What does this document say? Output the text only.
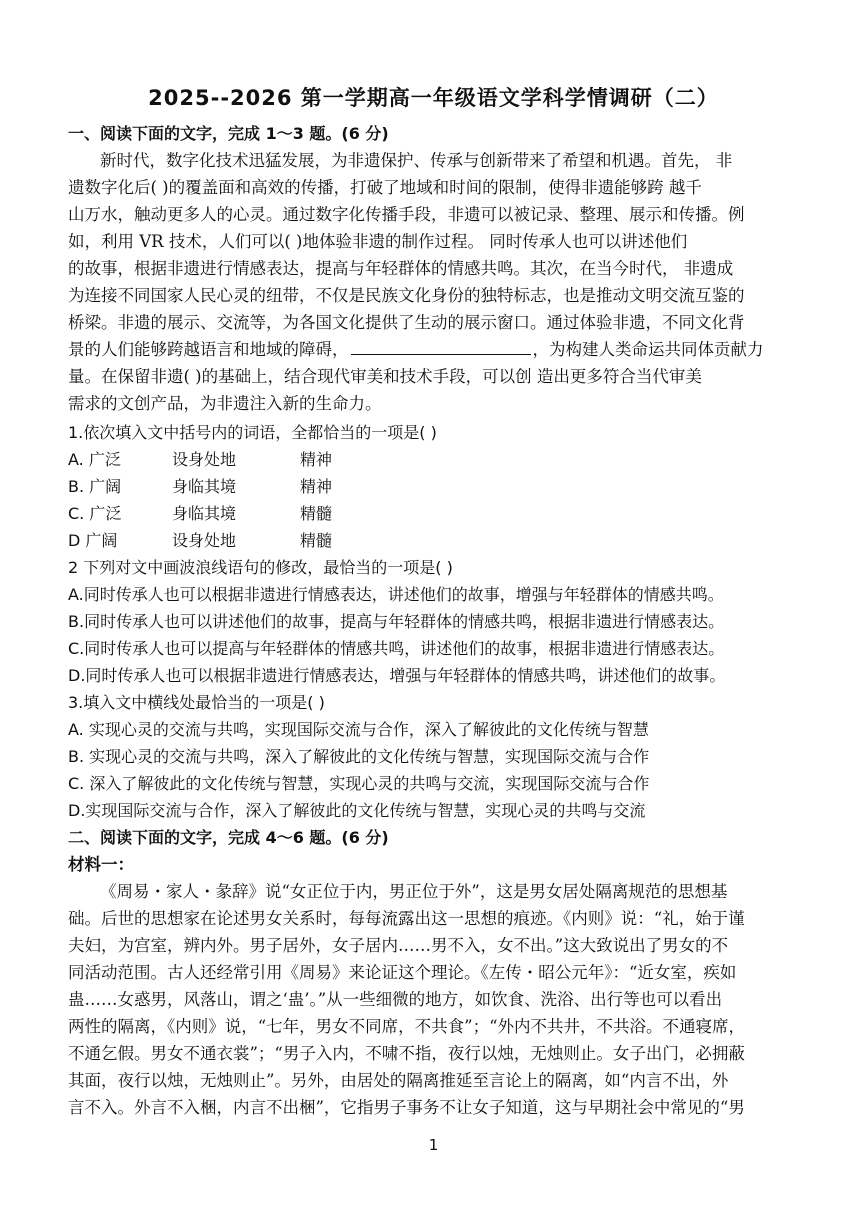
2025--2026 第一学期高一年级语文学科学情调研（二）
一、阅读下面的文字，完成 1～3 题。(6 分)
新时代，数字化技术迅猛发展，为非遗保护、传承与创新带来了希望和机遇。首先， 非
遗数字化后( )的覆盖面和高效的传播，打破了地域和时间的限制，使得非遗能够跨 越千
山万水，触动更多人的心灵。通过数字化传播手段，非遗可以被记录、整理、展示和传播。例
如，利用 VR 技术，人们可以( )地体验非遗的制作过程。 同时传承人也可以讲述他们
的故事，根据非遗进行情感表达，提高与年轻群体的情感共鸣。其次，在当今时代， 非遗成
为连接不同国家人民心灵的纽带，不仅是民族文化身份的独特标志，也是推动文明交流互鉴的
桥梁。非遗的展示、交流等，为各国文化提供了生动的展示窗口。通过体验非遗，不同文化背
景的人们能够跨越语言和地域的障碍，	，为构建人类命运共同体贡献力
量。在保留非遗( )的基础上，结合现代审美和技术手段，可以创 造出更多符合当代审美
需求的文创产品，为非遗注入新的生命力。
1.依次填入文中括号内的词语，全都恰当的一项是( )
A. 广泛	设身处地	精神
B. 广阔	身临其境	精神
C. 广泛	身临其境	精髓
D 广阔	设身处地	精髓
2 下列对文中画波浪线语句的修改，最恰当的一项是( )
A.同时传承人也可以根据非遗进行情感表达，讲述他们的故事，增强与年轻群体的情感共鸣。
B.同时传承人也可以讲述他们的故事，提高与年轻群体的情感共鸣，根据非遗进行情感表达。
C.同时传承人也可以提高与年轻群体的情感共鸣，讲述他们的故事，根据非遗进行情感表达。
D.同时传承人也可以根据非遗进行情感表达，增强与年轻群体的情感共鸣，讲述他们的故事。
3.填入文中横线处最恰当的一项是( )
A. 实现心灵的交流与共鸣，实现国际交流与合作，深入了解彼此的文化传统与智慧
B. 实现心灵的交流与共鸣，深入了解彼此的文化传统与智慧，实现国际交流与合作
C. 深入了解彼此的文化传统与智慧，实现心灵的共鸣与交流，实现国际交流与合作
D.实现国际交流与合作，深入了解彼此的文化传统与智慧，实现心灵的共鸣与交流
二、阅读下面的文字，完成 4～6 题。(6 分)
材料一：
《周易・家人・彖辞》说“女正位于内，男正位于外”，这是男女居处隔离规范的思想基
础。后世的思想家在论述男女关系时，每每流露出这一思想的痕迹。《内则》说：“礼，始于谨
夫妇，为宫室，辨内外。男子居外，女子居内……男不入，女不出。”这大致说出了男女的不
同活动范围。古人还经常引用《周易》来论证这个理论。《左传・昭公元年》：“近女室，疾如
蛊……女惑男，风落山，谓之‘蛊’。”从一些细微的地方，如饮食、洗浴、出行等也可以看出
两性的隔离，《内则》说，“七年，男女不同席，不共食”；“外内不共井，不共浴。不通寝席，
不通乞假。男女不通衣裳”；“男子入内，不啸不指，夜行以烛，无烛则止。女子出门，必拥蔽
其面，夜行以烛，无烛则止”。另外，由居处的隔离推延至言论上的隔离，如“内言不出，外
言不入。外言不入梱，内言不出梱”，它指男子事务不让女子知道，这与早期社会中常见的“男
1
